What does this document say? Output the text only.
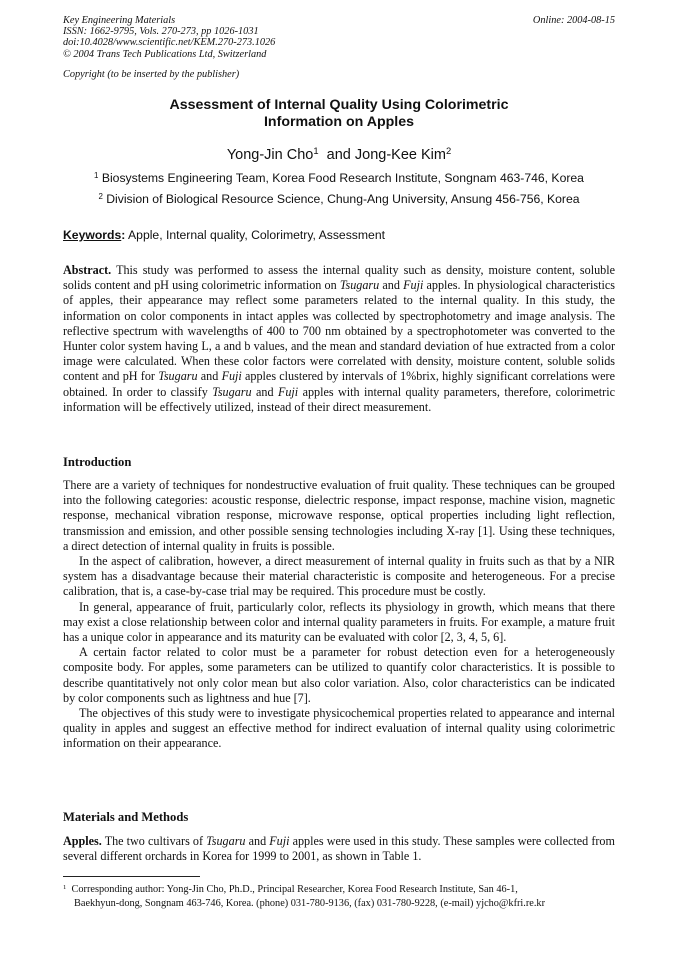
Key Engineering Materials
ISSN: 1662-9795, Vols. 270-273, pp 1026-1031
doi:10.4028/www.scientific.net/KEM.270-273.1026
© 2004 Trans Tech Publications Ltd, Switzerland
Online: 2004-08-15
Copyright (to be inserted by the publisher)
Assessment of Internal Quality Using Colorimetric
Information on Apples
Yong-Jin Cho$^1$ and Jong-Kee Kim$^2$
$^1$ Biosystems Engineering Team, Korea Food Research Institute, Songnam 463-746, Korea
$^2$ Division of Biological Resource Science, Chung-Ang University, Ansung 456-756, Korea
Keywords: Apple, Internal quality, Colorimetry, Assessment

Abstract. This study was performed to assess the internal quality such as density, moisture content, soluble solids content and pH using colorimetric information on Tsugaru and Fuji apples. In physiological characteristics of apples, their appearance may reflect some parameters related to the internal quality. In this study, the information on color components in intact apples was collected by spectrophotometry and image analysis. The reflective spectrum with wavelengths of 400 to 700 nm obtained by a spectrophotometer was converted to the Hunter color system having L, a and b values, and the mean and standard deviation of hue extracted from a color image were calculated. When these color factors were correlated with density, moisture content, soluble solids content and pH for Tsugaru and Fuji apples clustered by intervals of 1%brix, highly significant correlations were obtained. In order to classify Tsugaru and Fuji apples with internal quality parameters, therefore, colorimetric information will be effectively utilized, instead of their direct measurement.

Introduction

There are a variety of techniques for nondestructive evaluation of fruit quality. These techniques can be grouped into the following categories: acoustic response, dielectric response, impact response, machine vision, magnetic response, mechanical vibration response, microwave response, optical properties including light reflection, transmission and emission, and other possible sensing technologies including X-ray [1]. Using these techniques, a direct detection of internal quality in fruits is possible.

In the aspect of calibration, however, a direct measurement of internal quality in fruits such as that by a NIR system has a disadvantage because their material characteristic is composite and heterogeneous. For a precise calibration, that is, a case-by-case trial may be required. This procedure must be costly.

In general, appearance of fruit, particularly color, reflects its physiology in growth, which means that there may exist a close relationship between color and internal quality parameters in fruits. For example, a mature fruit has a unique color in appearance and its maturity can be evaluated with color [2, 3, 4, 5, 6].

A certain factor related to color must be a parameter for robust detection even for a heterogeneously composite body. For apples, some parameters can be utilized to quantify color characteristics. It is possible to describe quantitatively not only color mean but also color variation. Also, color characteristics can be indicated by color components such as lightness and hue [7].

The objectives of this study were to investigate physicochemical properties related to appearance and internal quality in apples and suggest an effective method for indirect evaluation of internal quality using colorimetric information on their appearance.

Materials and Methods

Apples. The two cultivars of Tsugaru and Fuji apples were used in this study. These samples were collected from several different orchards in Korea for 1999 to 2001, as shown in Table 1.

$^1$ Corresponding author: Yong-Jin Cho, Ph.D., Principal Researcher, Korea Food Research Institute, San 46-1,
Baekhyun-dong, Songnam 463-746, Korea. (phone) 031-780-9136, (fax) 031-780-9228, (e-mail) yjcho@kfri.re.kr
